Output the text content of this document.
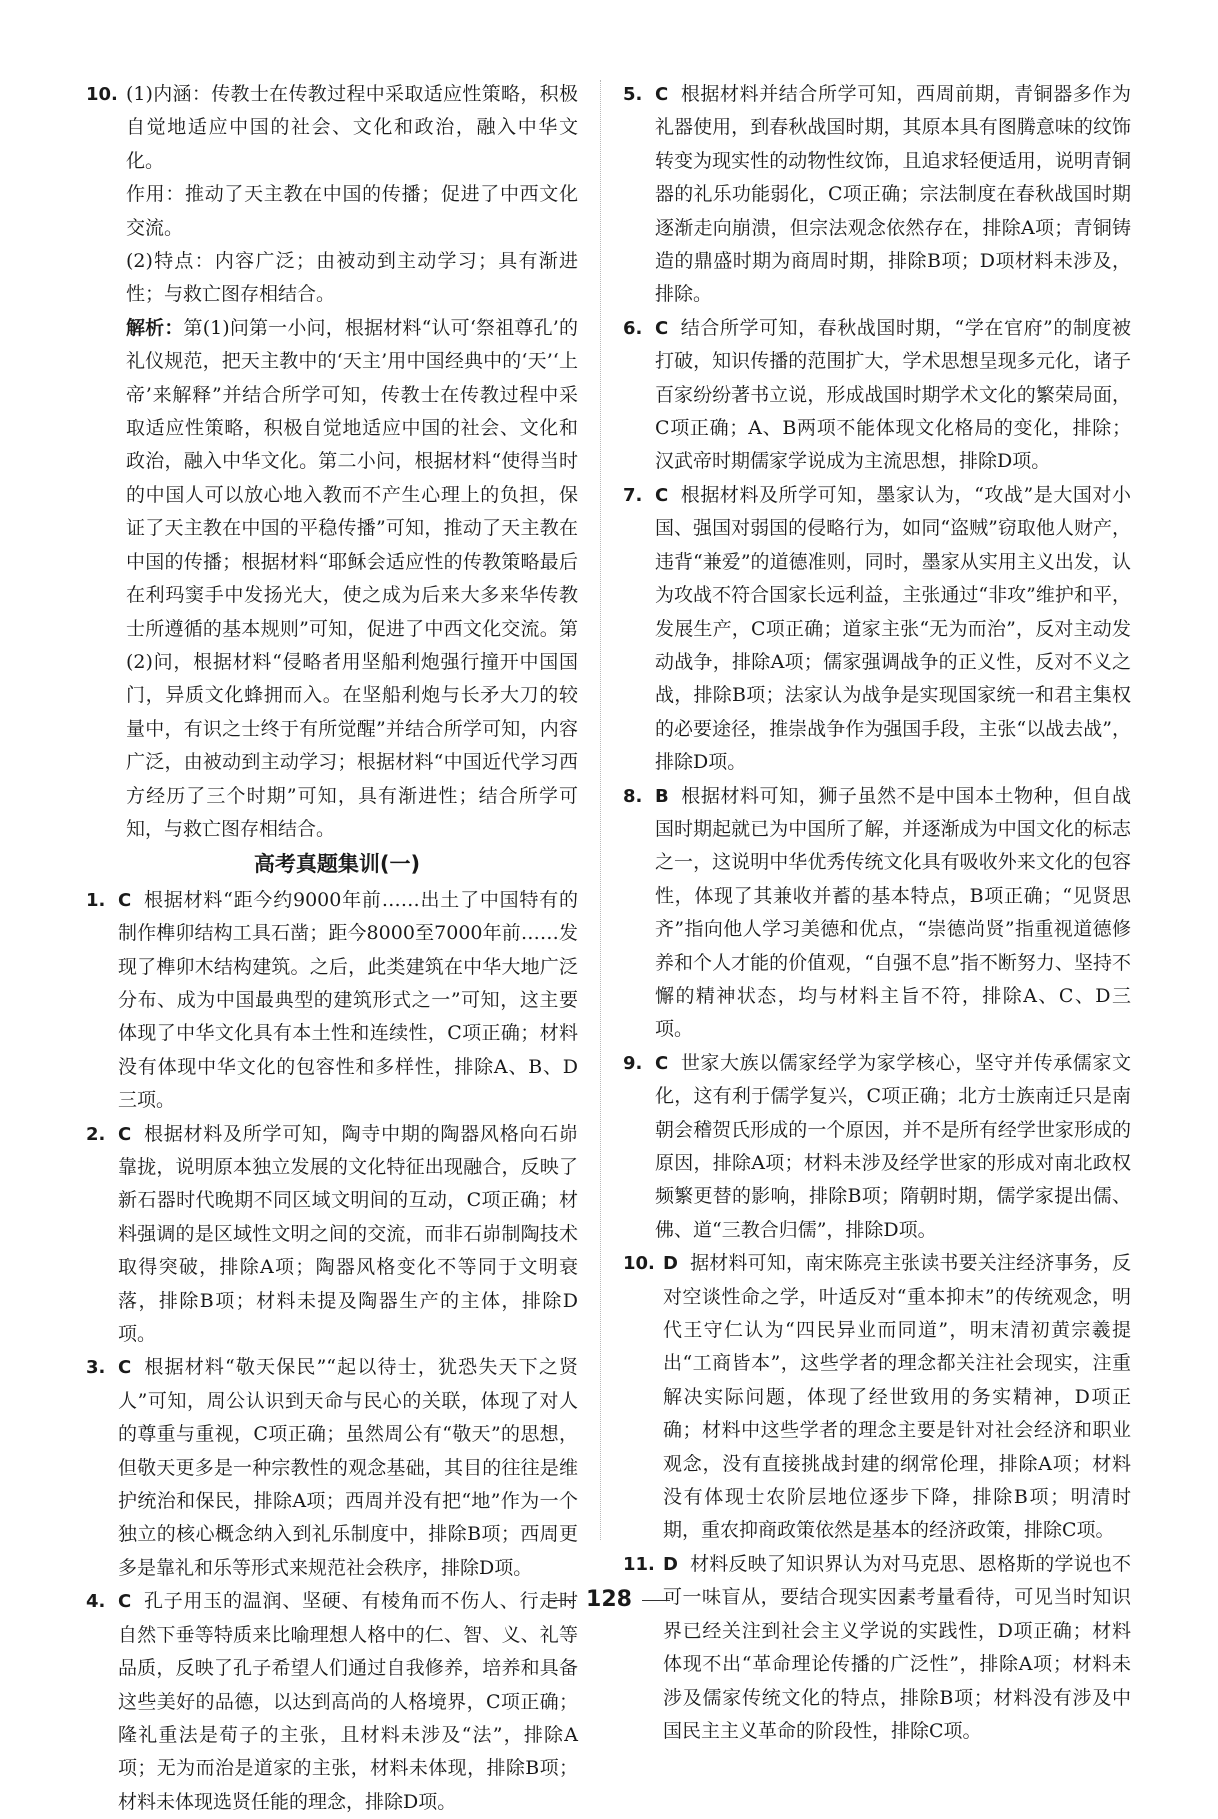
10. (1)内涵：传教士在传教过程中采取适应性策略，积极自觉地适应中国的社会、文化和政治，融入中华文化。

作用：推动了天主教在中国的传播；促进了中西文化交流。

(2)特点：内容广泛；由被动到主动学习；具有渐进性；与救亡图存相结合。

解析：第(1)问第一小问，根据材料“认可‘祭祖尊孔’的礼仪规范，把天主教中的‘天主’用中国经典中的‘天’‘上帝’来解释”并结合所学可知，传教士在传教过程中采取适应性策略，积极自觉地适应中国的社会、文化和政治，融入中华文化。第二小问，根据材料“使得当时的中国人可以放心地入教而不产生心理上的负担，保证了天主教在中国的平稳传播”可知，推动了天主教在中国的传播；根据材料“耶稣会适应性的传教策略最后在利玛窦手中发扬光大，使之成为后来大多来华传教士所遵循的基本规则”可知，促进了中西文化交流。第(2)问，根据材料“侵略者用坚船利炮强行撞开中国国门，异质文化蜂拥而入。在坚船利炮与长矛大刀的较量中，有识之士终于有所觉醒”并结合所学可知，内容广泛，由被动到主动学习；根据材料“中国近代学习西方经历了三个时期”可知，具有渐进性；结合所学可知，与救亡图存相结合。

高考真题集训(一)
1. C 根据材料“距今约9000年前……出土了中国特有的制作榫卯结构工具石凿；距今8000至7000年前……发现了榫卯木结构建筑。之后，此类建筑在中华大地广泛分布、成为中国最典型的建筑形式之一”可知，这主要体现了中华文化具有本土性和连续性，C项正确；材料没有体现中华文化的包容性和多样性，排除A、B、D三项。

2. C 根据材料及所学可知，陶寺中期的陶器风格向石峁靠拢，说明原本独立发展的文化特征出现融合，反映了新石器时代晚期不同区域文明间的互动，C项正确；材料强调的是区域性文明之间的交流，而非石峁制陶技术取得突破，排除A项；陶器风格变化不等同于文明衰落，排除B项；材料未提及陶器生产的主体，排除D项。

3. C 根据材料“敬天保民”“起以待士，犹恐失天下之贤人”可知，周公认识到天命与民心的关联，体现了对人的尊重与重视，C项正确；虽然周公有“敬天”的思想，但敬天更多是一种宗教性的观念基础，其目的往往是维护统治和保民，排除A项；西周并没有把“地”作为一个独立的核心概念纳入到礼乐制度中，排除B项；西周更多是靠礼和乐等形式来规范社会秩序，排除D项。

4. C 孔子用玉的温润、坚硬、有棱角而不伤人、行走时自然下垂等特质来比喻理想人格中的仁、智、义、礼等品质，反映了孔子希望人们通过自我修养，培养和具备这些美好的品德，以达到高尚的人格境界，C项正确；隆礼重法是荀子的主张，且材料未涉及“法”，排除A项；无为而治是道家的主张，材料未体现，排除B项；材料未体现选贤任能的理念，排除D项。

5. C 根据材料并结合所学可知，西周前期，青铜器多作为礼器使用，到春秋战国时期，其原本具有图腾意味的纹饰转变为现实性的动物性纹饰，且追求轻便适用，说明青铜器的礼乐功能弱化，C项正确；宗法制度在春秋战国时期逐渐走向崩溃，但宗法观念依然存在，排除A项；青铜铸造的鼎盛时期为商周时期，排除B项；D项材料未涉及，排除。

6. C 结合所学可知，春秋战国时期，“学在官府”的制度被打破，知识传播的范围扩大，学术思想呈现多元化，诸子百家纷纷著书立说，形成战国时期学术文化的繁荣局面，C项正确；A、B两项不能体现文化格局的变化，排除；汉武帝时期儒家学说成为主流思想，排除D项。

7. C 根据材料及所学可知，墨家认为，“攻战”是大国对小国、强国对弱国的侵略行为，如同“盗贼”窃取他人财产，违背“兼爱”的道德准则，同时，墨家从实用主义出发，认为攻战不符合国家长远利益，主张通过“非攻”维护和平，发展生产，C项正确；道家主张“无为而治”，反对主动发动战争，排除A项；儒家强调战争的正义性，反对不义之战，排除B项；法家认为战争是实现国家统一和君主集权的必要途径，推崇战争作为强国手段，主张“以战去战”，排除D项。

8. B 根据材料可知，狮子虽然不是中国本土物种，但自战国时期起就已为中国所了解，并逐渐成为中国文化的标志之一，这说明中华优秀传统文化具有吸收外来文化的包容性，体现了其兼收并蓄的基本特点，B项正确；“见贤思齐”指向他人学习美德和优点，“崇德尚贤”指重视道德修养和个人才能的价值观，“自强不息”指不断努力、坚持不懈的精神状态，均与材料主旨不符，排除A、C、D三项。

9. C 世家大族以儒家经学为家学核心，坚守并传承儒家文化，这有利于儒学复兴，C项正确；北方士族南迁只是南朝会稽贺氏形成的一个原因，并不是所有经学世家形成的原因，排除A项；材料未涉及经学世家的形成对南北政权频繁更替的影响，排除B项；隋朝时期，儒学家提出儒、佛、道“三教合归儒”，排除D项。

10. D 据材料可知，南宋陈亮主张读书要关注经济事务，反对空谈性命之学，叶适反对“重本抑末”的传统观念，明代王守仁认为“四民异业而同道”，明末清初黄宗羲提出“工商皆本”，这些学者的理念都关注社会现实，注重解决实际问题，体现了经世致用的务实精神，D项正确；材料中这些学者的理念主要是针对社会经济和职业观念，没有直接挑战封建的纲常伦理，排除A项；材料没有体现士农阶层地位逐步下降，排除B项；明清时期，重农抑商政策依然是基本的经济政策，排除C项。

11. D 材料反映了知识界认为对马克思、恩格斯的学说也不可一味盲从，要结合现实因素考量看待，可见当时知识界已经关注到社会主义学说的实践性，D项正确；材料体现不出“革命理论传播的广泛性”，排除A项；材料未涉及儒家传统文化的特点，排除B项；材料没有涉及中国民主主义革命的阶段性，排除C项。

128
